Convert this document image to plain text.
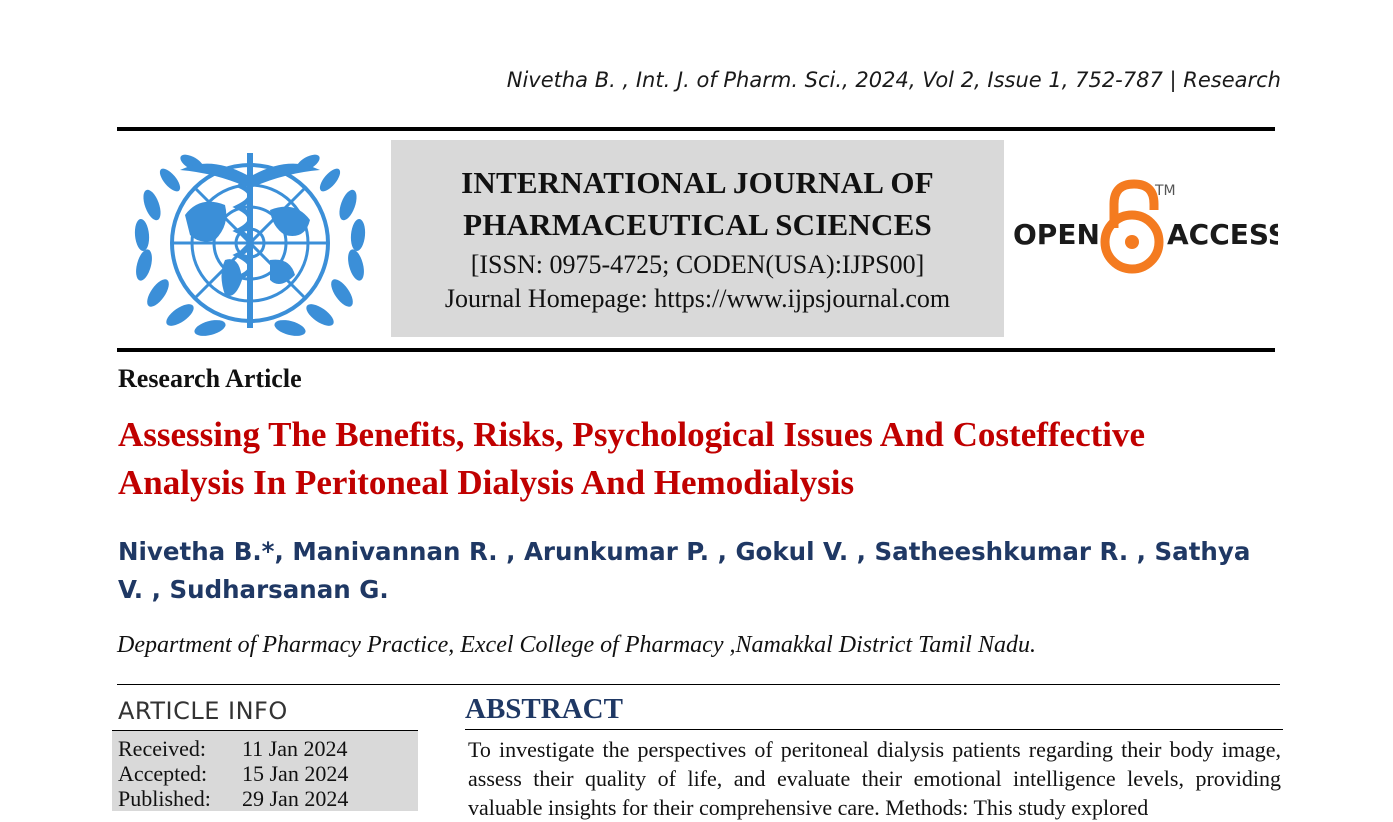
Nivetha B. , Int. J. of Pharm. Sci., 2024, Vol 2, Issue 1, 752-787 | Research
INTERNATIONAL JOURNAL OF
PHARMACEUTICAL SCIENCES
[ISSN: 0975-4725; CODEN(USA):IJPS00]
Journal Homepage: https://www.ijpsjournal.com
OPEN ACCESS
TM
Research Article
Assessing The Benefits, Risks, Psychological Issues And Costeffective Analysis In Peritoneal Dialysis And Hemodialysis
Nivetha B.*, Manivannan R. , Arunkumar P. , Gokul V. , Satheeshkumar R. , Sathya V. , Sudharsanan G.
Department of Pharmacy Practice, Excel College of Pharmacy ,Namakkal District Tamil Nadu.
ARTICLE INFO
Received:	11 Jan 2024
Accepted:	15 Jan 2024
Published:	29 Jan 2024
ABSTRACT
To investigate the perspectives of peritoneal dialysis patients regarding their body image, assess their quality of life, and evaluate their emotional intelligence levels, providing valuable insights for their comprehensive care. Methods: This study explored
